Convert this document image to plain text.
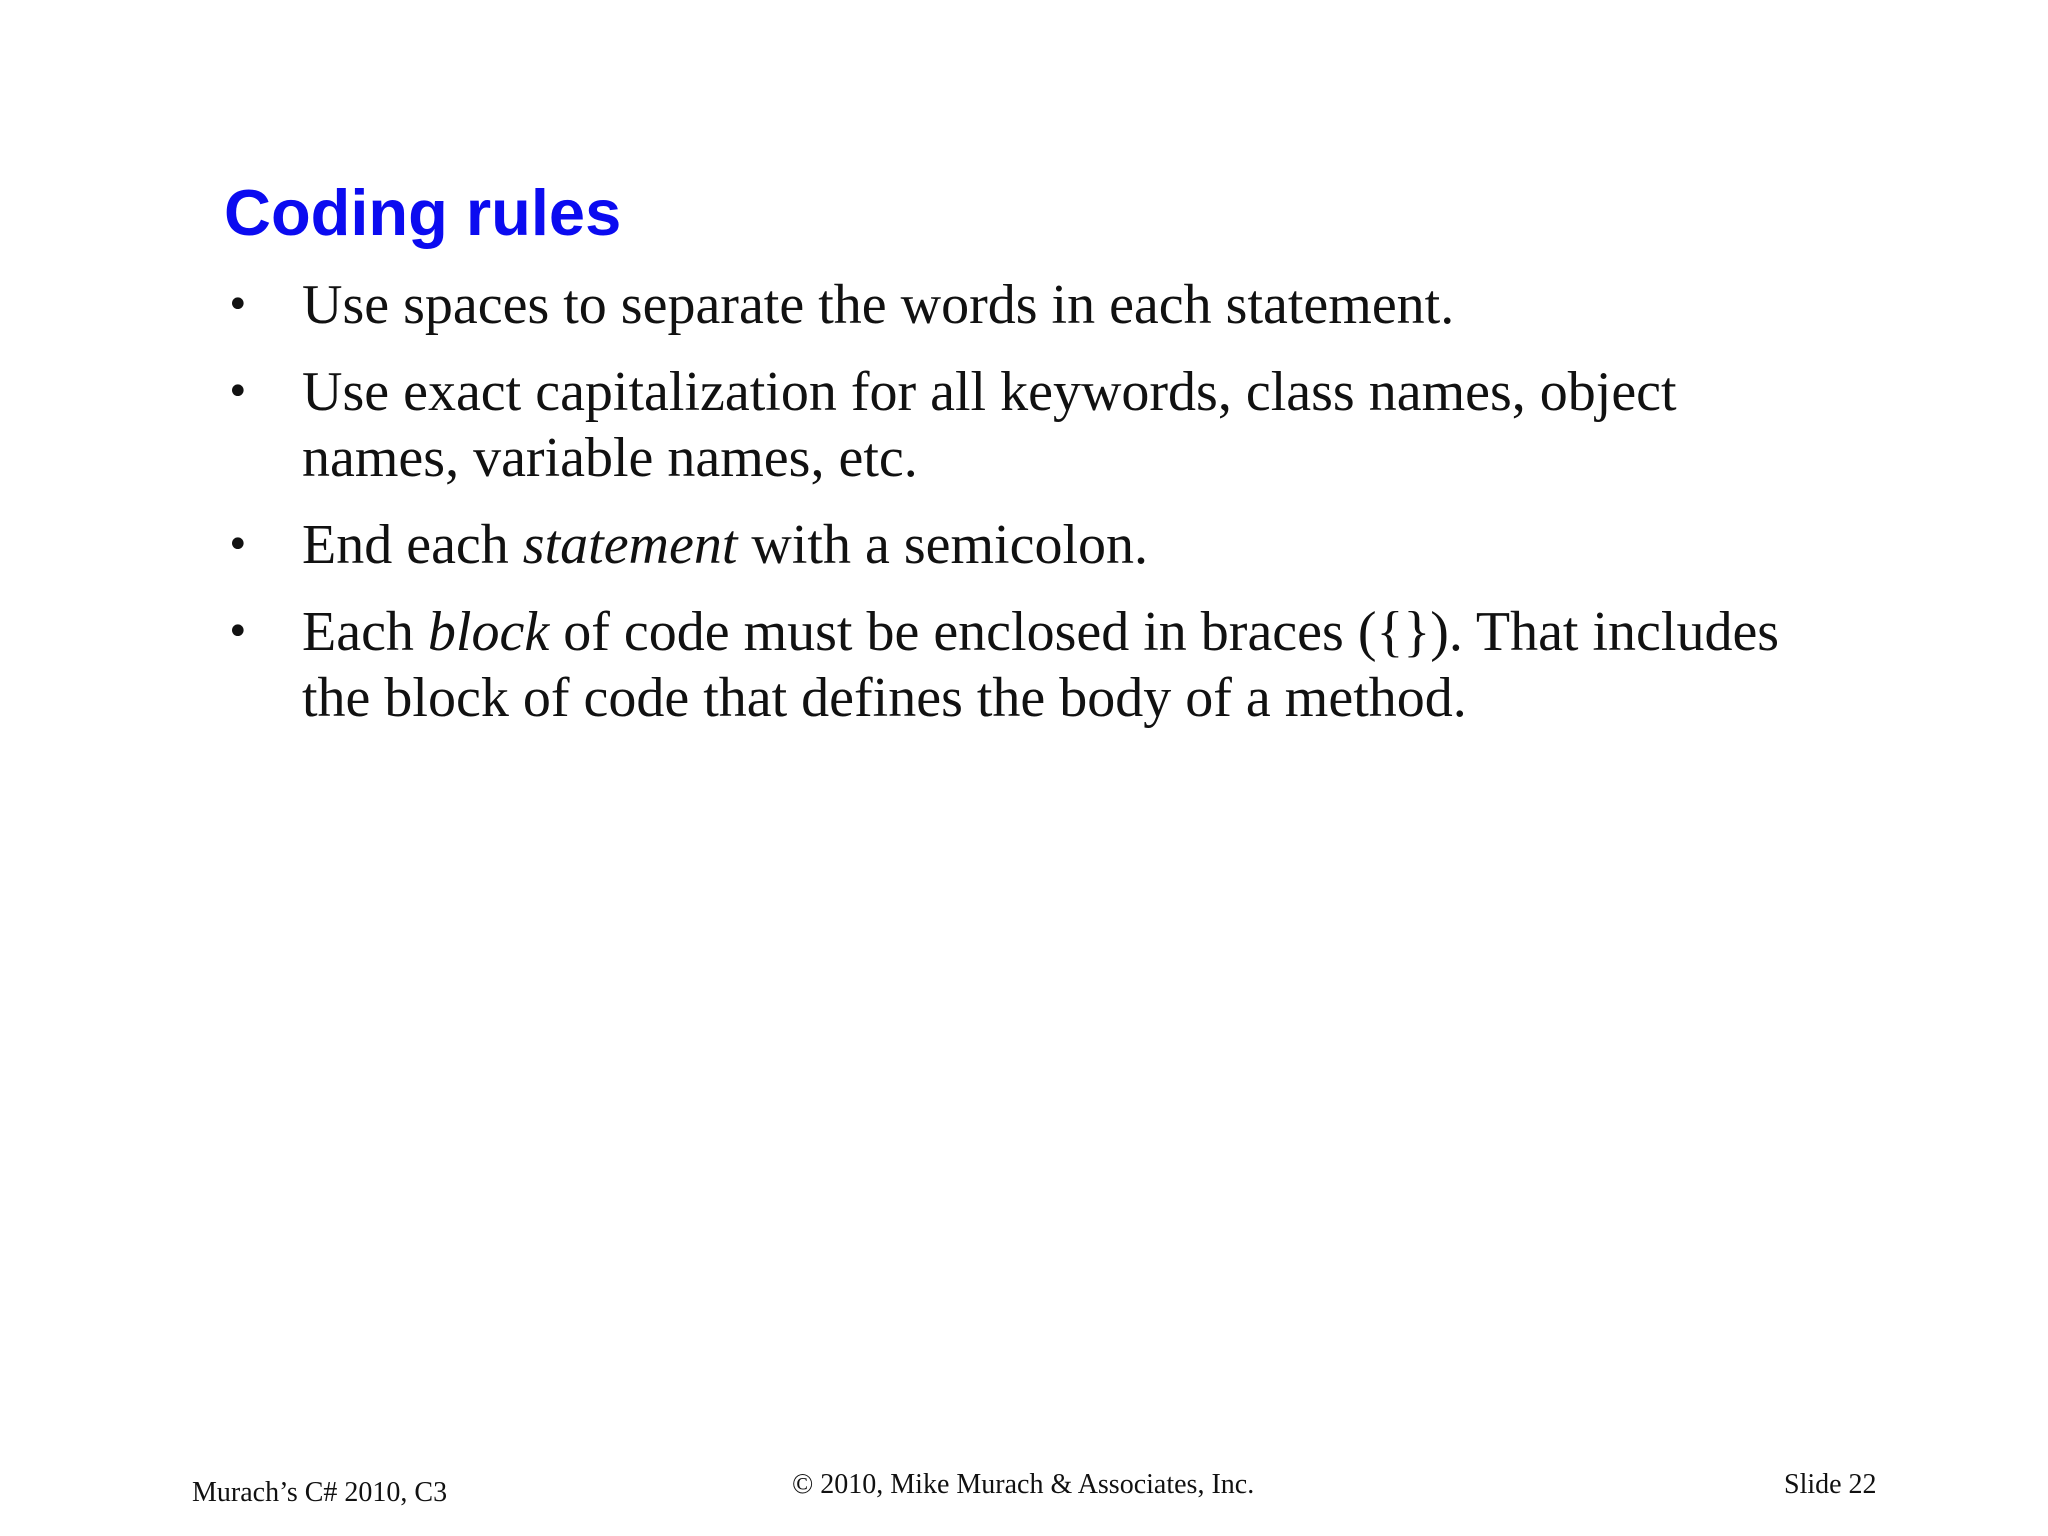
Coding rules
• Use spaces to separate the words in each statement.
• Use exact capitalization for all keywords, class names, object names, variable names, etc.
• End each statement with a semicolon.
• Each block of code must be enclosed in braces ({}). That includes the block of code that defines the body of a method.
Murach’s C# 2010, C3	© 2010, Mike Murach & Associates, Inc.	Slide 22
